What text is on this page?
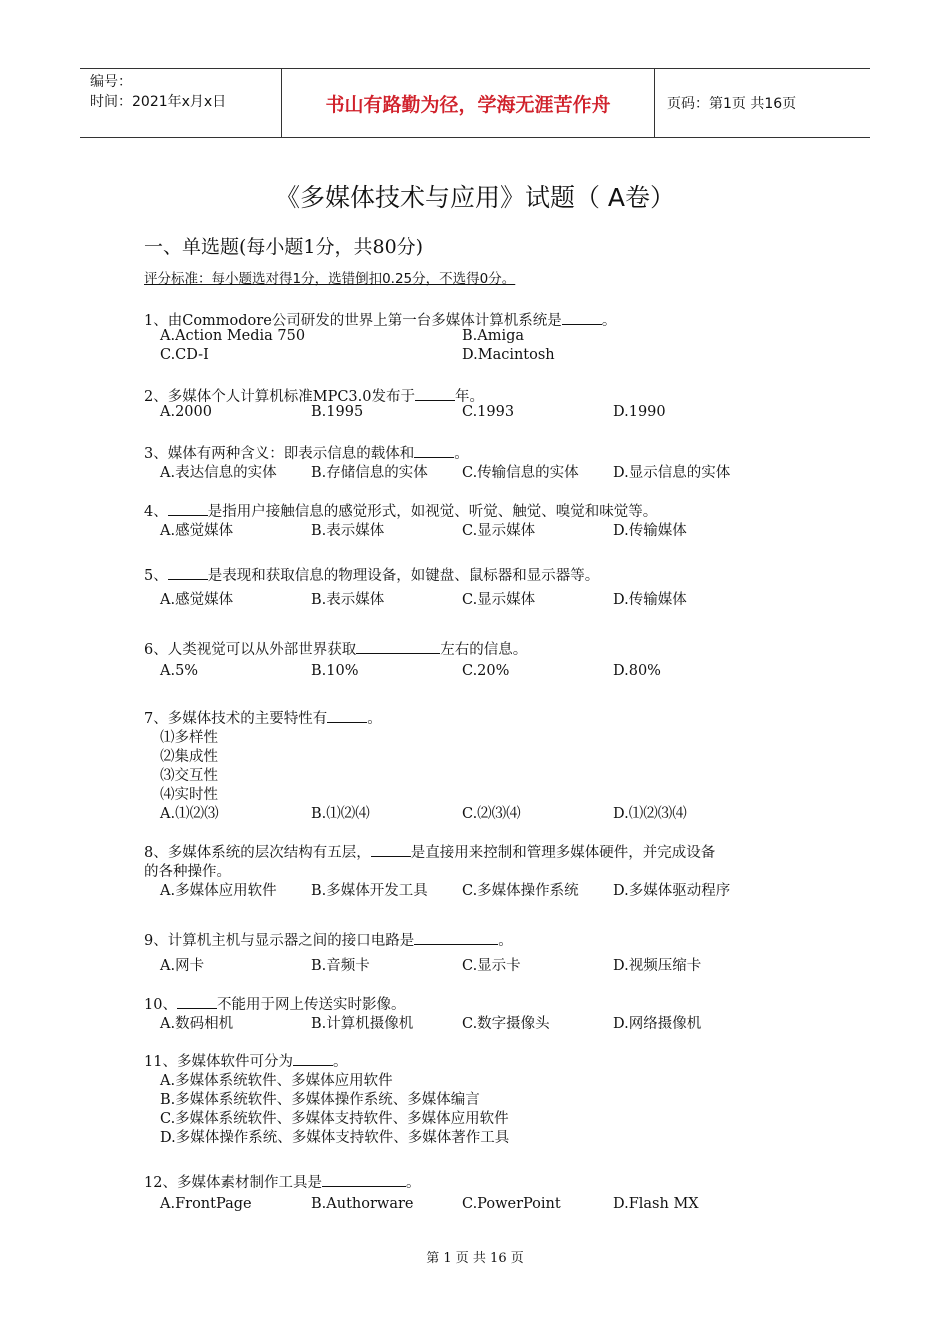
编号：
时间：2021年x月x日	书山有路勤为径，学海无涯苦作舟	页码：第1页 共16页
《多媒体技术与应用》试题（ A卷）
一、单选题(每小题1分，共80分)
评分标准：每小题选对得1分，选错倒扣0.25分，不选得0分。
1、由Commodore公司研发的世界上第一台多媒体计算机系统是	。
A.Action Media 750	B.Amiga
C.CD-I	D.Macintosh
2、多媒体个人计算机标准MPC3.0发布于	年。
A.2000	B.1995	C.1993	D.1990
3、媒体有两种含义：即表示信息的载体和	。
A.表达信息的实体 B.存储信息的实体 C.传输信息的实体 D.显示信息的实体
4、	是指用户接触信息的感觉形式，如视觉、听觉、触觉、嗅觉和味觉等。
A.感觉媒体	B.表示媒体	C.显示媒体	D.传输媒体
5、	是表现和获取信息的物理设备，如键盘、鼠标器和显示器等。
A.感觉媒体	B.表示媒体	C.显示媒体	D.传输媒体
6、人类视觉可以从外部世界获取	左右的信息。
A.5%	B.10%	C.20%	D.80%
7、多媒体技术的主要特性有	。
⑴多样性
⑵集成性
⑶交互性
⑷实时性
A.⑴⑵⑶	B.⑴⑵⑷	C.⑵⑶⑷	D.⑴⑵⑶⑷
8、多媒体系统的层次结构有五层，	是直接用来控制和管理多媒体硬件，并完成设备
的各种操作。
A.多媒体应用软件 B.多媒体开发工具 C.多媒体操作系统 D.多媒体驱动程序
9、计算机主机与显示器之间的接口电路是	。
A.网卡	B.音频卡	C.显示卡	D.视频压缩卡
10、	不能用于网上传送实时影像。
A.数码相机	B.计算机摄像机	C.数字摄像头	D.网络摄像机
11、多媒体软件可分为	。
A.多媒体系统软件、多媒体应用软件
B.多媒体系统软件、多媒体操作系统、多媒体编言
C.多媒体系统软件、多媒体支持软件、多媒体应用软件
D.多媒体操作系统、多媒体支持软件、多媒体著作工具
12、多媒体素材制作工具是	。
A.FrontPage	B.Authorware	C.PowerPoint	D.Flash MX
第 1 页 共 16 页
